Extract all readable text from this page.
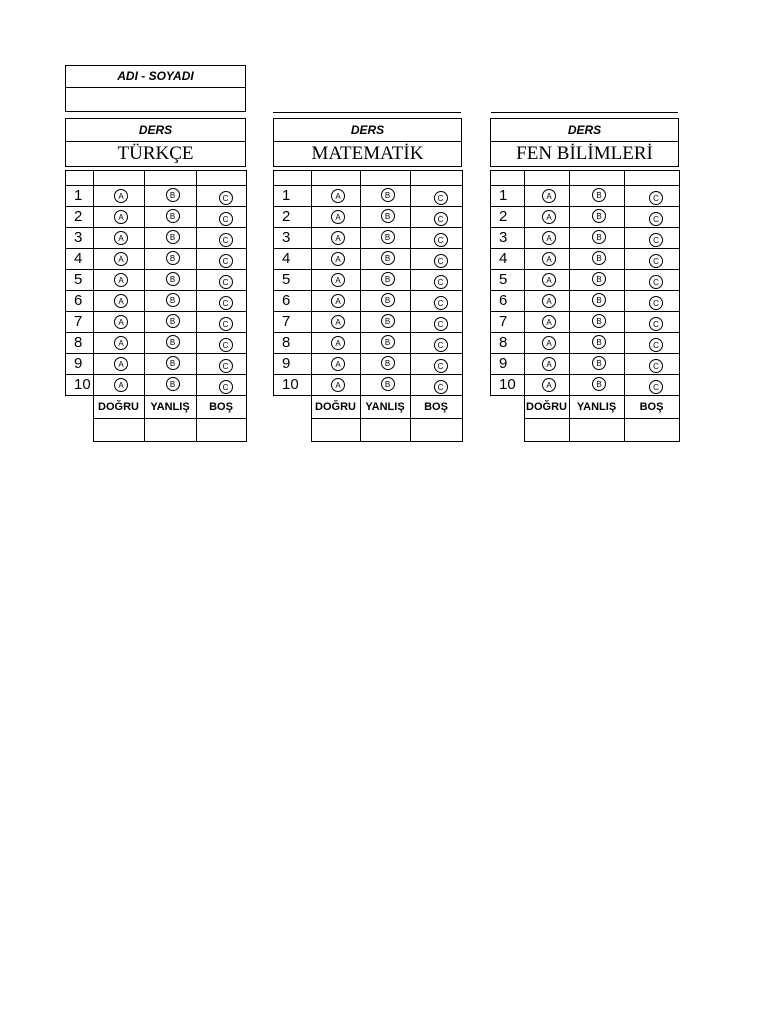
ADI - SOYADI
DERS
TÜRKÇE

1	A	B	C
2	A	B	C
3	A	B	C
4	A	B	C
5	A	B	C
6	A	B	C
7	A	B	C
8	A	B	C
9	A	B	C
10	A	B	C
	DOĞRU	YANLIŞ	BOŞ

DERS
MATEMATİK

1	A	B	C
2	A	B	C
3	A	B	C
4	A	B	C
5	A	B	C
6	A	B	C
7	A	B	C
8	A	B	C
9	A	B	C
10	A	B	C
	DOĞRU	YANLIŞ	BOŞ

DERS
FEN BİLİMLERİ

1	A	B	C
2	A	B	C
3	A	B	C
4	A	B	C
5	A	B	C
6	A	B	C
7	A	B	C
8	A	B	C
9	A	B	C
10	A	B	C
	DOĞRU	YANLIŞ	BOŞ
